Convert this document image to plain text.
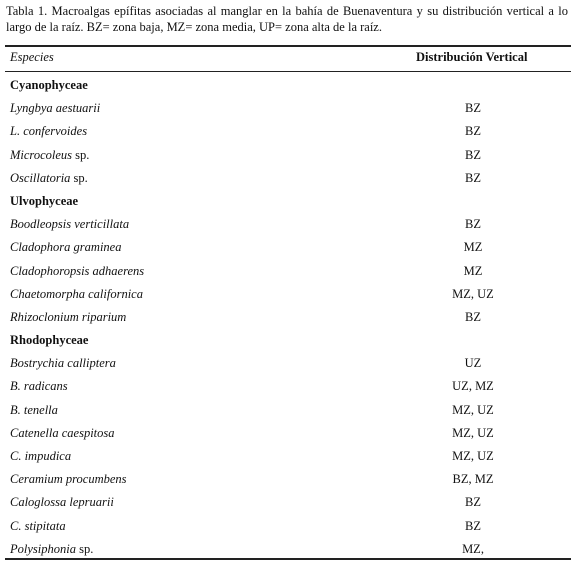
Tabla 1. Macroalgas epífitas asociadas al manglar en la bahía de Buenaventura y su distribución vertical a lo largo de la raíz. BZ= zona baja, MZ= zona media, UP= zona alta de la raíz.
Especies	Distribución Vertical
Cyanophyceae
Lyngbya aestuarii	BZ
L. confervoides	BZ
Microcoleus sp.	BZ
Oscillatoria sp.	BZ
Ulvophyceae
Boodleopsis verticillata	BZ
Cladophora graminea	MZ
Cladophoropsis adhaerens	MZ
Chaetomorpha californica	MZ, UZ
Rhizoclonium riparium	BZ
Rhodophyceae
Bostrychia calliptera	UZ
B. radicans	UZ, MZ
B. tenella	MZ, UZ
Catenella caespitosa	MZ, UZ
C. impudica	MZ, UZ
Ceramium procumbens	BZ, MZ
Caloglossa lepruarii	BZ
C. stipitata	BZ
Polysiphonia sp.	MZ,
